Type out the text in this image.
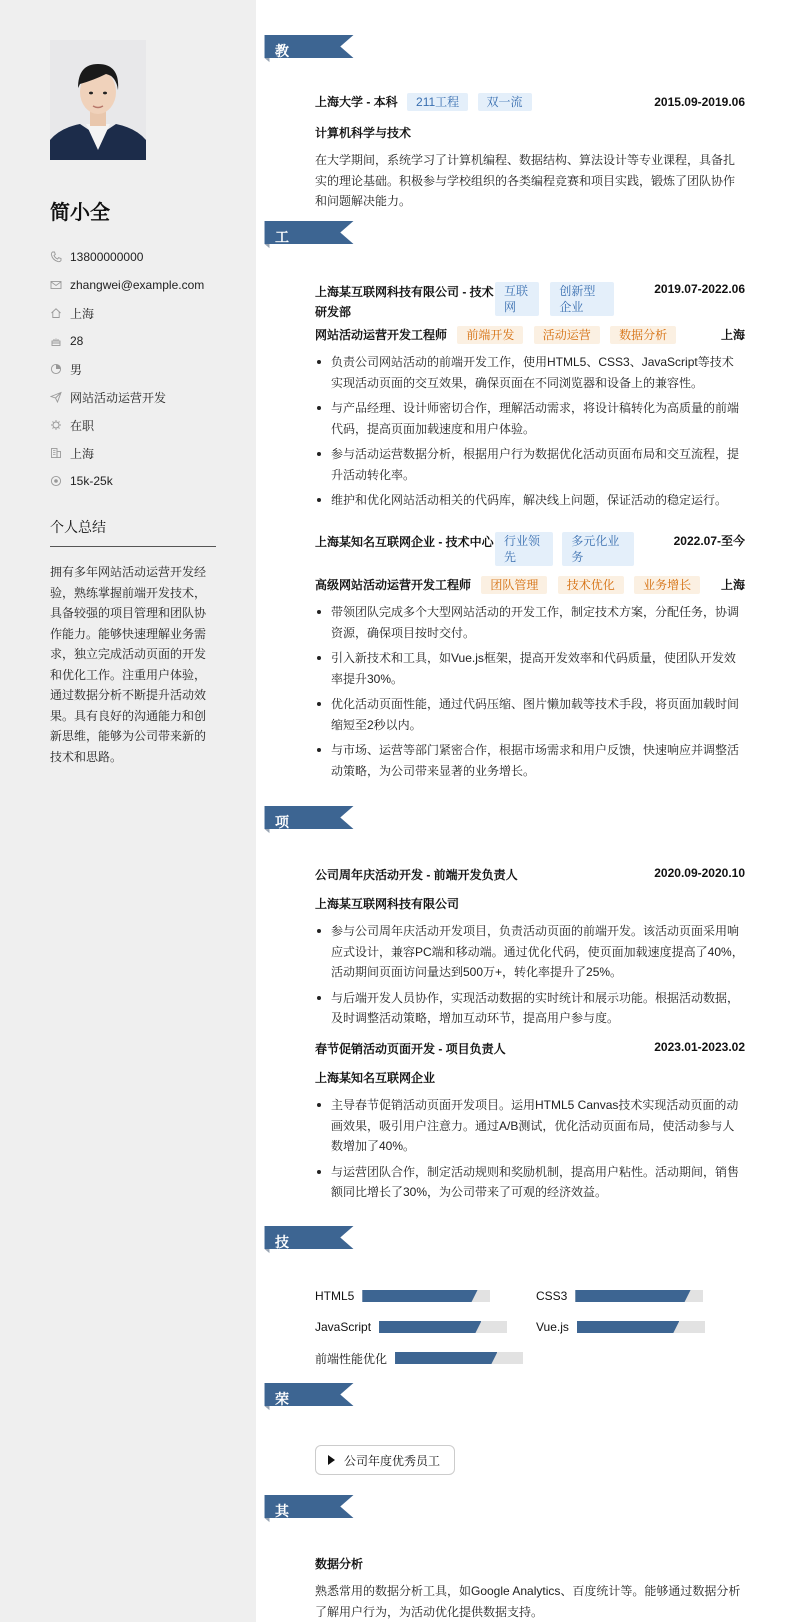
简小全
13800000000
zhangwei@example.com
上海
28
男
网站活动运营开发
在职
上海
15k-25k
个人总结
拥有多年网站活动运营开发经验，熟练掌握前端开发技术，具备较强的项目管理和团队协作能力。能够快速理解业务需求，独立完成活动页面的开发和优化工作。注重用户体验，通过数据分析不断提升活动效果。具有良好的沟通能力和创新思维，能够为公司带来新的技术和思路。
教育经历
上海大学 - 本科 211工程 双一流	2015.09-2019.06
计算机科学与技术
在大学期间，系统学习了计算机编程、数据结构、算法设计等专业课程，具备扎实的理论基础。积极参与学校组织的各类编程竞赛和项目实践，锻炼了团队协作和问题解决能力。
工作经历 上海某互联网科技有限公司 - 技术研发部
互联网 创新型企业
2019.07-2022.06
网站活动运营开发工程师 前端开发 活动运营 数据分析	上海
负责公司网站活动的前端开发工作，使用HTML5、CSS3、JavaScript等技术实现活动页面的交互效果，确保页面在不同浏览器和设备上的兼容性。
与产品经理、设计师密切合作，理解活动需求，将设计稿转化为高质量的前端代码，提高页面加载速度和用户体验。
参与活动运营数据分析，根据用户行为数据优化活动页面布局和交互流程，提升活动转化率。
维护和优化网站活动相关的代码库，解决线上问题，保证活动的稳定运行。
上海某知名互联网企业 - 技术中心 行业领先 多元化业务
2022.07-至今
高级网站活动运营开发工程师 团队管理 技术优化 业务增长 上海
带领团队完成多个大型网站活动的开发工作，制定技术方案，分配任务，协调资源，确保项目按时交付。
引入新技术和工具，如Vue.js框架，提高开发效率和代码质量，使团队开发效率提升30%。
优化活动页面性能，通过代码压缩、图片懒加载等技术手段，将页面加载时间缩短至2秒以内。
与市场、运营等部门紧密合作，根据市场需求和用户反馈，快速响应并调整活动策略，为公司带来显著的业务增长。
项目经历 公司周年庆活动开发 - 前端开发负责人	2020.09-2020.10
上海某互联网科技有限公司
参与公司周年庆活动开发项目，负责活动页面的前端开发。该活动页面采用响应式设计，兼容PC端和移动端。通过优化代码，使页面加载速度提高了40%，活动期间页面访问量达到500万+，转化率提升了25%。
与后端开发人员协作，实现活动数据的实时统计和展示功能。根据活动数据，及时调整活动策略，增加互动环节，提高用户参与度。
春节促销活动页面开发 - 项目负责人	2023.01-2023.02
上海某知名互联网企业
主导春节促销活动页面开发项目。运用HTML5 Canvas技术实现活动页面的动画效果，吸引用户注意力。通过A/B测试，优化活动页面布局，使活动参与人数增加了40%。
与运营团队合作，制定活动规则和奖励机制，提高用户粘性。活动期间，销售额同比增长了30%，为公司带来了可观的经济效益。
技能专长 HTML5	CSS3
JavaScript	Vue.js
前端性能优化
荣誉奖项	公司年度优秀员工
其他信息 数据分析
熟悉常用的数据分析工具，如Google Analytics、百度统计等。能够通过数据分析了解用户行为，为活动优化提供数据支持。
